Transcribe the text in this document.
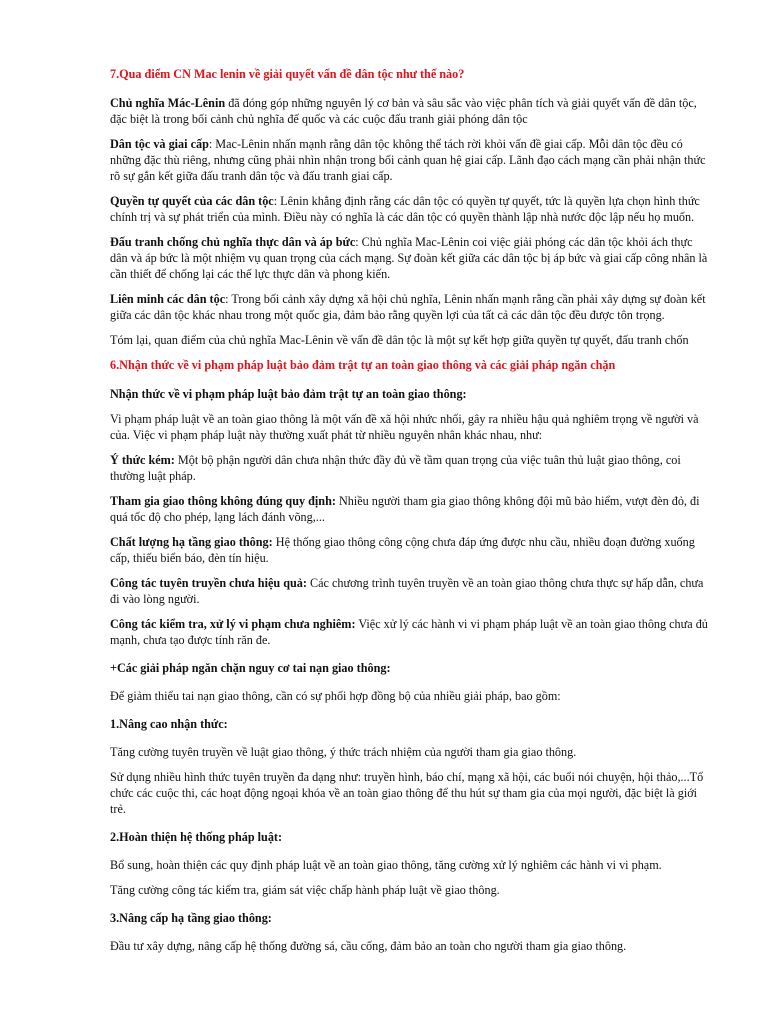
7.Qua điểm CN Mac lenin về giải quyết vấn đề dân tộc như thế nào?
Chủ nghĩa Mác-Lênin đã đóng góp những nguyên lý cơ bản và sâu sắc vào việc phân tích và giải quyết vấn đề dân tộc, đặc biệt là trong bối cảnh chủ nghĩa đế quốc và các cuộc đấu tranh giải phóng dân tộc
Dân tộc và giai cấp: Mac-Lênin nhấn mạnh rằng dân tộc không thể tách rời khỏi vấn đề giai cấp. Mỗi dân tộc đều có những đặc thù riêng, nhưng cũng phải nhìn nhận trong bối cảnh quan hệ giai cấp. Lãnh đạo cách mạng cần phải nhận thức rõ sự gắn kết giữa đấu tranh dân tộc và đấu tranh giai cấp.
Quyền tự quyết của các dân tộc: Lênin khẳng định rằng các dân tộc có quyền tự quyết, tức là quyền lựa chọn hình thức chính trị và sự phát triển của mình. Điều này có nghĩa là các dân tộc có quyền thành lập nhà nước độc lập nếu họ muốn.
Đấu tranh chống chủ nghĩa thực dân và áp bức: Chủ nghĩa Mac-Lênin coi việc giải phóng các dân tộc khỏi ách thực dân và áp bức là một nhiệm vụ quan trọng của cách mạng. Sự đoàn kết giữa các dân tộc bị áp bức và giai cấp công nhân là cần thiết để chống lại các thế lực thực dân và phong kiến.
Liên minh các dân tộc: Trong bối cảnh xây dựng xã hội chủ nghĩa, Lênin nhấn mạnh rằng cần phải xây dựng sự đoàn kết giữa các dân tộc khác nhau trong một quốc gia, đảm bảo rằng quyền lợi của tất cả các dân tộc đều được tôn trọng.
Tóm lại, quan điểm của chủ nghĩa Mac-Lênin về vấn đề dân tộc là một sự kết hợp giữa quyền tự quyết, đấu tranh chốn
6.Nhận thức về vi phạm pháp luật bảo đảm trật tự an toàn giao thông và các giải pháp ngăn chặn
Nhận thức về vi phạm pháp luật bảo đảm trật tự an toàn giao thông:
Vi phạm pháp luật về an toàn giao thông là một vấn đề xã hội nhức nhối, gây ra nhiều hậu quả nghiêm trọng về người và của. Việc vi phạm pháp luật này thường xuất phát từ nhiều nguyên nhân khác nhau, như:
Ý thức kém: Một bộ phận người dân chưa nhận thức đầy đủ về tầm quan trọng của việc tuân thủ luật giao thông, coi thường luật pháp.
Tham gia giao thông không đúng quy định: Nhiều người tham gia giao thông không đội mũ bảo hiểm, vượt đèn đỏ, đi quá tốc độ cho phép, lạng lách đánh võng,...
Chất lượng hạ tầng giao thông: Hệ thống giao thông công cộng chưa đáp ứng được nhu cầu, nhiều đoạn đường xuống cấp, thiếu biển báo, đèn tín hiệu.
Công tác tuyên truyền chưa hiệu quả: Các chương trình tuyên truyền về an toàn giao thông chưa thực sự hấp dẫn, chưa đi vào lòng người.
Công tác kiểm tra, xử lý vi phạm chưa nghiêm: Việc xử lý các hành vi vi phạm pháp luật về an toàn giao thông chưa đủ mạnh, chưa tạo được tính răn đe.
+Các giải pháp ngăn chặn nguy cơ tai nạn giao thông:
Để giảm thiểu tai nạn giao thông, cần có sự phối hợp đồng bộ của nhiều giải pháp, bao gồm:
1.Nâng cao nhận thức:
Tăng cường tuyên truyền về luật giao thông, ý thức trách nhiệm của người tham gia giao thông.
Sử dụng nhiều hình thức tuyên truyền đa dạng như: truyền hình, báo chí, mạng xã hội, các buổi nói chuyện, hội thảo,...Tổ chức các cuộc thi, các hoạt động ngoại khóa về an toàn giao thông để thu hút sự tham gia của mọi người, đặc biệt là giới trẻ.
2.Hoàn thiện hệ thống pháp luật:
Bổ sung, hoàn thiện các quy định pháp luật về an toàn giao thông, tăng cường xử lý nghiêm các hành vi vi phạm.
Tăng cường công tác kiểm tra, giám sát việc chấp hành pháp luật về giao thông.
3.Nâng cấp hạ tầng giao thông:
Đầu tư xây dựng, nâng cấp hệ thống đường sá, cầu cống, đảm bảo an toàn cho người tham gia giao thông.
